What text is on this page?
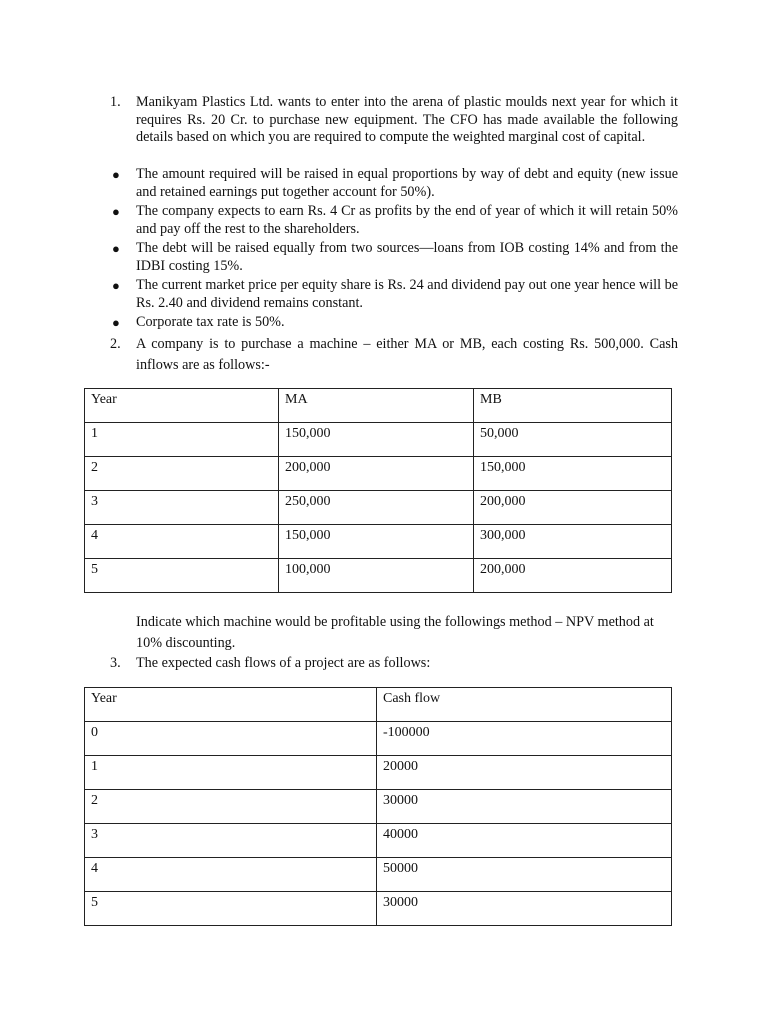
1. Manikyam Plastics Ltd. wants to enter into the arena of plastic moulds next year for which it requires Rs. 20 Cr. to purchase new equipment. The CFO has made available the following details based on which you are required to compute the weighted marginal cost of capital.
● The amount required will be raised in equal proportions by way of debt and equity (new issue and retained earnings put together account for 50%).
● The company expects to earn Rs. 4 Cr as profits by the end of year of which it will retain 50% and pay off the rest to the shareholders.
● The debt will be raised equally from two sources—loans from IOB costing 14% and from the IDBI costing 15%.
● The current market price per equity share is Rs. 24 and dividend pay out one year hence will be Rs. 2.40 and dividend remains constant.
● Corporate tax rate is 50%.
2. A company is to purchase a machine – either MA or MB, each costing Rs. 500,000. Cash inflows are as follows:-
Year	MA	MB
1	150,000	50,000
2	200,000	150,000
3	250,000	200,000
4	150,000	300,000
5	100,000	200,000
Indicate which machine would be profitable using the followings method – NPV method at 10% discounting.
3. The expected cash flows of a project are as follows:
Year	Cash flow
0	-100000
1	20000
2	30000
3	40000
4	50000
5	30000
